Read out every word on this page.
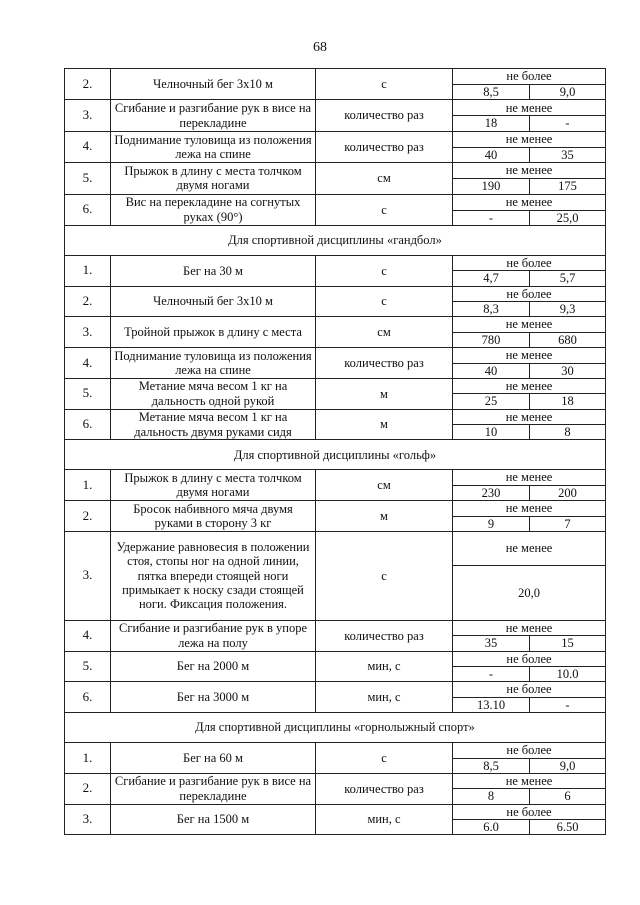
68
2.	Челночный бег 3х10 м	с	не более	
			8,5	9,0
3.	Сгибание и разгибание рук в висе на перекладине	количество раз	не менее	
			18	-
4.	Поднимание туловища из положения лежа на спине	количество раз	не менее	
			40	35
5.	Прыжок в длину с места толчком двумя ногами	см	не менее	
			190	175
6.	Вис на перекладине на согнутых руках (90°)	с	не менее	
			-	25,0
Для спортивной дисциплины «гандбол»				
1.	Бег на 30 м	с	не более	
			4,7	5,7
2.	Челночный бег 3х10 м	с	не более	
			8,3	9,3
3.	Тройной прыжок в длину с места	см	не менее	
			780	680
4.	Поднимание туловища из положения лежа на спине	количество раз	не менее	
			40	30
5.	Метание мяча весом 1 кг на дальность одной рукой	м	не менее	
			25	18
6.	Метание мяча весом 1 кг на дальность двумя руками сидя	м	не менее	
			10	8
Для спортивной дисциплины «гольф»				
1.	Прыжок в длину с места толчком двумя ногами	см	не менее	
			230	200
2.	Бросок набивного мяча двумя руками в сторону 3 кг	м	не менее	
			9	7
3.	Удержание равновесия в положении стоя, стопы ног на одной линии, пятка впереди стоящей ноги примыкает к носку сзади стоящей ноги. Фиксация положения.	с	не менее	
			20,0	
4.	Сгибание и разгибание рук в упоре лежа на полу	количество раз	не менее	
			35	15
5.	Бег на 2000 м	мин, с	не более	
			-	10.0
6.	Бег на 3000 м	мин, с	не более	
			13.10	-
Для спортивной дисциплины «горнолыжный спорт»				
1.	Бег на 60 м	с	не более	
			8,5	9,0
2.	Сгибание и разгибание рук в висе на перекладине	количество раз	не менее	
			8	6
3.	Бег на 1500 м	мин, с	не более	
			6.0	6.50
